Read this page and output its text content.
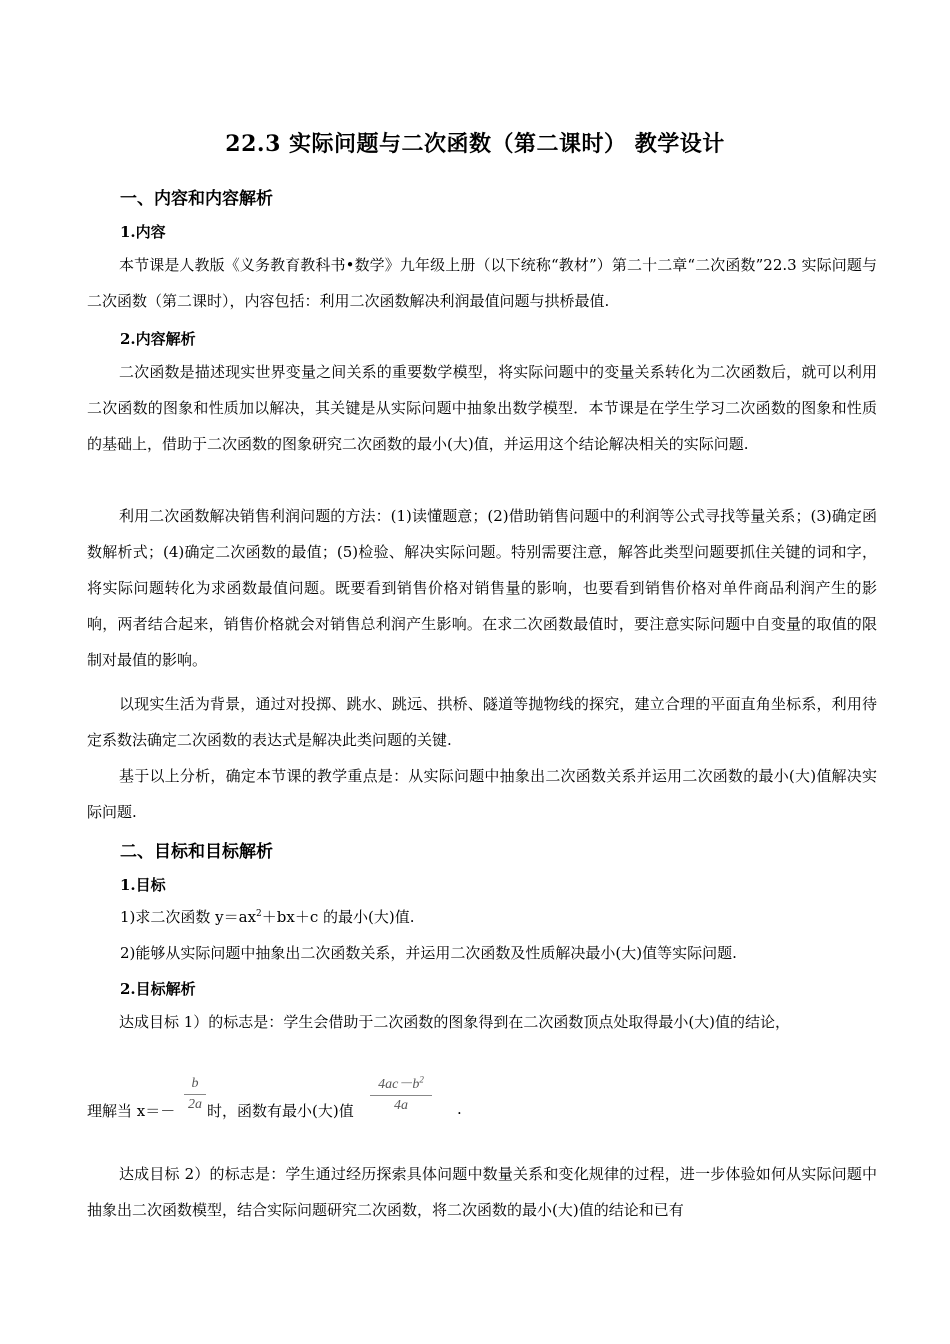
22.3 实际问题与二次函数（第二课时） 教学设计
一、内容和内容解析
1.内容
本节课是人教版《义务教育教科书•数学》九年级上册（以下统称“教材”）第二十二章“二次函数”22.3 实际问题与二次函数（第二课时），内容包括：利用二次函数解决利润最值问题与拱桥最值.
2.内容解析
二次函数是描述现实世界变量之间关系的重要数学模型，将实际问题中的变量关系转化为二次函数后，就可以利用二次函数的图象和性质加以解决，其关键是从实际问题中抽象出数学模型．本节课是在学生学习二次函数的图象和性质的基础上，借助于二次函数的图象研究二次函数的最小(大)值，并运用这个结论解决相关的实际问题.
利用二次函数解决销售利润问题的方法：(1)读懂题意；(2)借助销售问题中的利润等公式寻找等量关系；(3)确定函数解析式；(4)确定二次函数的最值；(5)检验、解决实际问题。特别需要注意，解答此类型问题要抓住关键的词和字，将实际问题转化为求函数最值问题。既要看到销售价格对销售量的影响，也要看到销售价格对单件商品利润产生的影响，两者结合起来，销售价格就会对销售总利润产生影响。在求二次函数最值时，要注意实际问题中自变量的取值的限制对最值的影响。
以现实生活为背景，通过对投掷、跳水、跳远、拱桥、隧道等抛物线的探究，建立合理的平面直角坐标系，利用待定系数法确定二次函数的表达式是解决此类问题的关键.
基于以上分析，确定本节课的教学重点是：从实际问题中抽象出二次函数关系并运用二次函数的最小(大)值解决实际问题.
二、目标和目标解析
1.目标
1)求二次函数 $y=ax^2+bx+c$ 的最小(大)值.
2)能够从实际问题中抽象出二次函数关系，并运用二次函数及性质解决最小(大)值等实际问题.
2.目标解析
达成目标 1）的标志是：学生会借助于二次函数的图象得到在二次函数顶点处取得最小(大)值的结论，
理解当 x＝－
b
2a 时，函数有最小(大)值
$4ac-b^2$
4a	.
达成目标 2）的标志是：学生通过经历探索具体问题中数量关系和变化规律的过程，进一步体验如何从实际问题中抽象出二次函数模型，结合实际问题研究二次函数，将二次函数的最小(大)值的结论和已有
